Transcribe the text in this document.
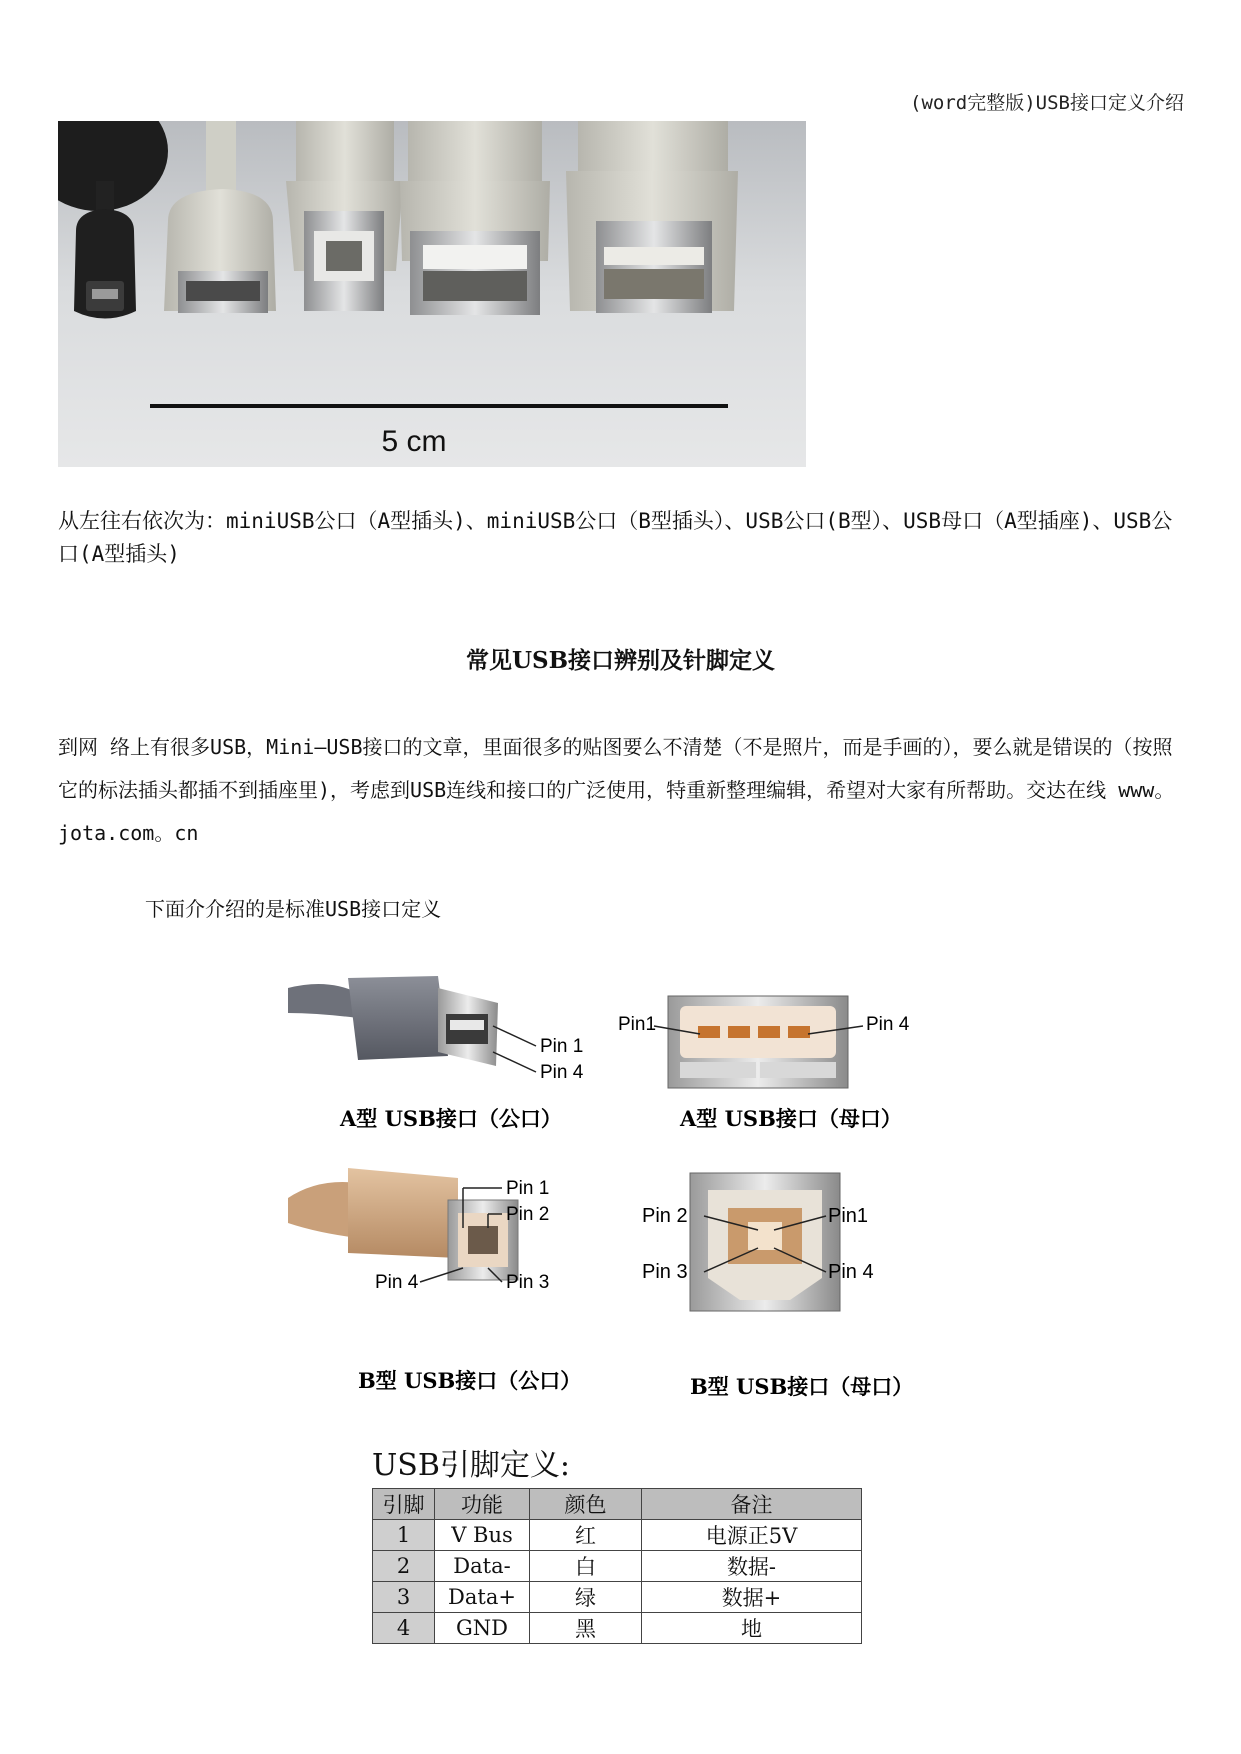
(word完整版)USB接口定义介绍
5 cm
从左往右依次为：miniUSB公口（A型插头)、miniUSB公口（B型插头）、USB公口(B型）、USB母口（A型插座)、USB公口(A型插头)
常见USB接口辨别及针脚定义
到网 络上有很多USB，Mini—USB接口的文章，里面很多的贴图要么不清楚（不是照片，而是手画的），要么就是错误的（按照它的标法插头都插不到插座里)，考虑到USB连线和接口的广泛使用，特重新整理编辑，希望对大家有所帮助。交达在线 www。jota.com。cn
下面介介绍的是标准USB接口定义
Pin 1
Pin 4
A型 USB接口（公口）
Pin1	Pin 4
A型 USB接口（母口）
Pin 1
Pin 2
Pin 3
Pin 4
B型 USB接口（公口）
Pin 2	Pin1
Pin 3	Pin 4
B型 USB接口（母口）
USB引脚定义:
引脚	功能	颜色	备注
1	V Bus	红	电源正5V
2	Data-	白	数据-
3	Data+	绿	数据+
4	GND	黑	地
